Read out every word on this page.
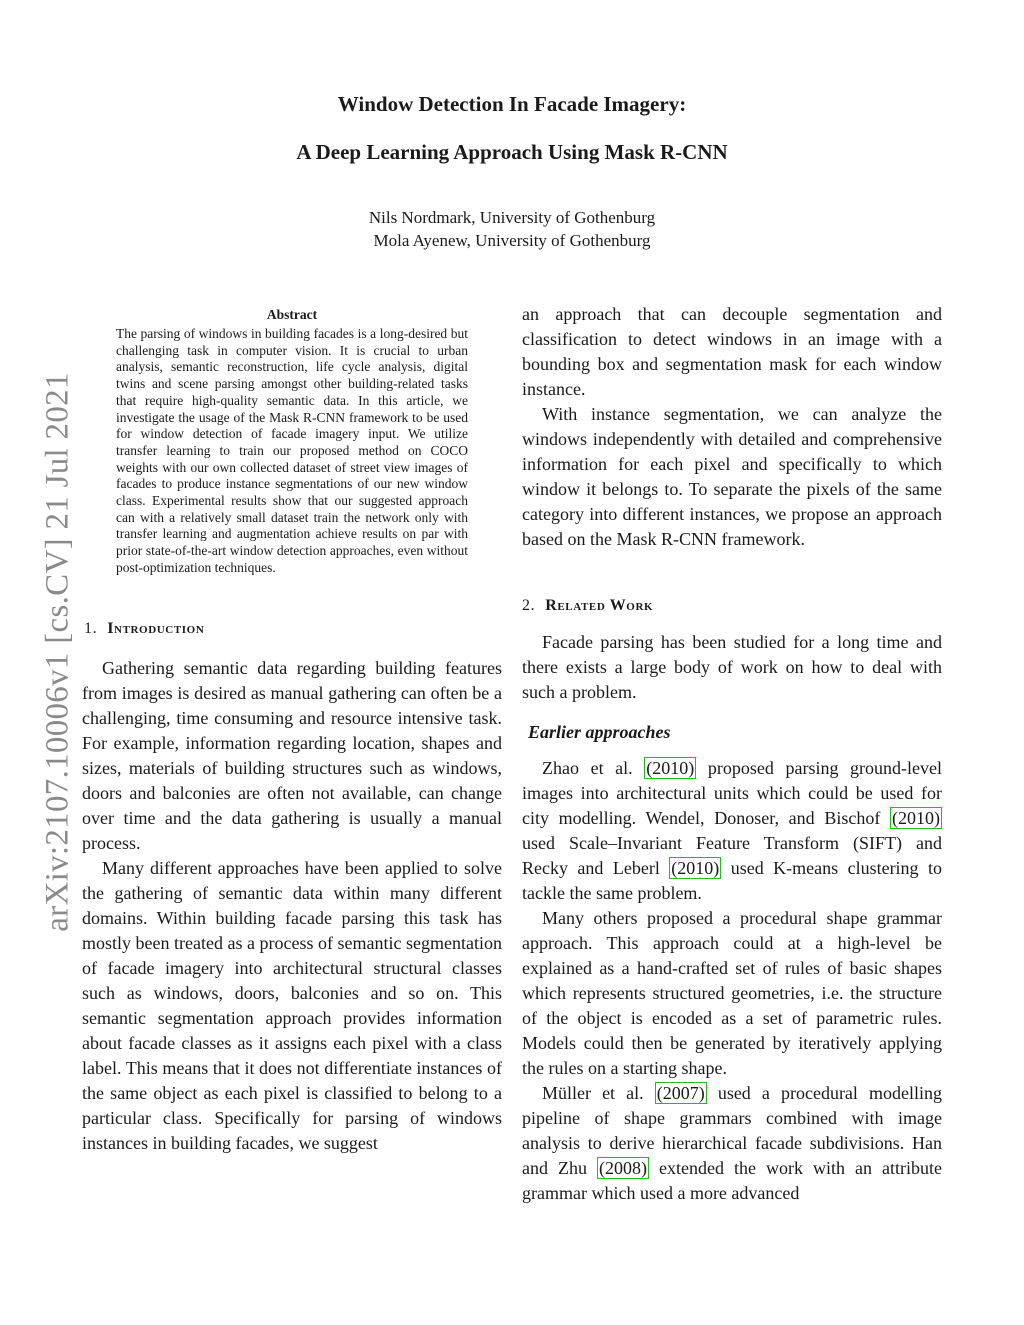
Window Detection In Facade Imagery:
A Deep Learning Approach Using Mask R-CNN
Nils Nordmark, University of Gothenburg
Mola Ayenew, University of Gothenburg
arXiv:2107.10006v1 [cs.CV] 21 Jul 2021
Abstract

The parsing of windows in building facades is a long-desired but challenging task in computer vision. It is crucial to urban analysis, semantic reconstruction, life cycle analysis, digital twins and scene parsing amongst other building-related tasks that require high-quality semantic data. In this article, we investigate the usage of the Mask R-CNN framework to be used for window detection of facade imagery input. We utilize transfer learning to train our proposed method on COCO weights with our own collected dataset of street view images of facades to produce instance segmentations of our new window class. Experimental results show that our suggested approach can with a relatively small dataset train the network only with transfer learning and augmentation achieve results on par with prior state-of-the-art window detection approaches, even without post-optimization techniques.

1. Introduction

Gathering semantic data regarding building features from images is desired as manual gathering can often be a challenging, time consuming and resource intensive task. For example, information regarding location, shapes and sizes, materials of building structures such as windows, doors and balconies are often not available, can change over time and the data gathering is usually a manual process.

Many different approaches have been applied to solve the gathering of semantic data within many different domains. Within building facade parsing this task has mostly been treated as a process of semantic segmentation of facade imagery into architectural structural classes such as windows, doors, balconies and so on. This semantic segmentation approach provides information about facade classes as it assigns each pixel with a class label. This means that it does not differentiate instances of the same object as each pixel is classified to belong to a particular class. Specifically for parsing of windows instances in building facades, we suggest

an approach that can decouple segmentation and classification to detect windows in an image with a bounding box and segmentation mask for each window instance.

With instance segmentation, we can analyze the windows independently with detailed and comprehensive information for each pixel and specifically to which window it belongs to. To separate the pixels of the same category into different instances, we propose an approach based on the Mask R-CNN framework.

2. Related Work

Facade parsing has been studied for a long time and there exists a large body of work on how to deal with such a problem.

Earlier approaches

Zhao et al. (2010) proposed parsing ground-level images into architectural units which could be used for city modelling. Wendel, Donoser, and Bischof (2010) used Scale–Invariant Feature Transform (SIFT) and Recky and Leberl (2010) used K-means clustering to tackle the same problem.

Many others proposed a procedural shape grammar approach. This approach could at a high-level be explained as a hand-crafted set of rules of basic shapes which represents structured geometries, i.e. the structure of the object is encoded as a set of parametric rules. Models could then be generated by iteratively applying the rules on a starting shape.

Müller et al. (2007) used a procedural modelling pipeline of shape grammars combined with image analysis to derive hierarchical facade subdivisions. Han and Zhu (2008) extended the work with an attribute grammar which used a more advanced
